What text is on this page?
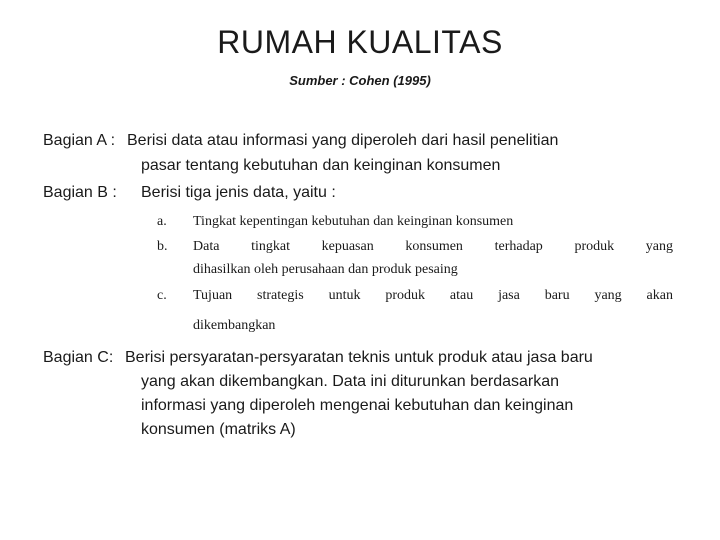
RUMAH KUALITAS
Sumber : Cohen (1995)
Bagian A : Berisi data atau informasi yang diperoleh dari hasil penelitian
pasar tentang kebutuhan dan keinginan konsumen
Bagian B : Berisi tiga jenis data, yaitu :
a. Tingkat kepentingan kebutuhan dan keinginan konsumen
b. Data tingkat kepuasan konsumen terhadap produk yang
dihasilkan oleh perusahaan dan produk pesaing
c. Tujuan strategis untuk produk atau jasa baru yang akan
dikembangkan
Bagian C: Berisi persyaratan-persyaratan teknis untuk produk atau jasa baru
yang akan dikembangkan. Data ini diturunkan berdasarkan
informasi yang diperoleh mengenai kebutuhan dan keinginan
konsumen (matriks A)
